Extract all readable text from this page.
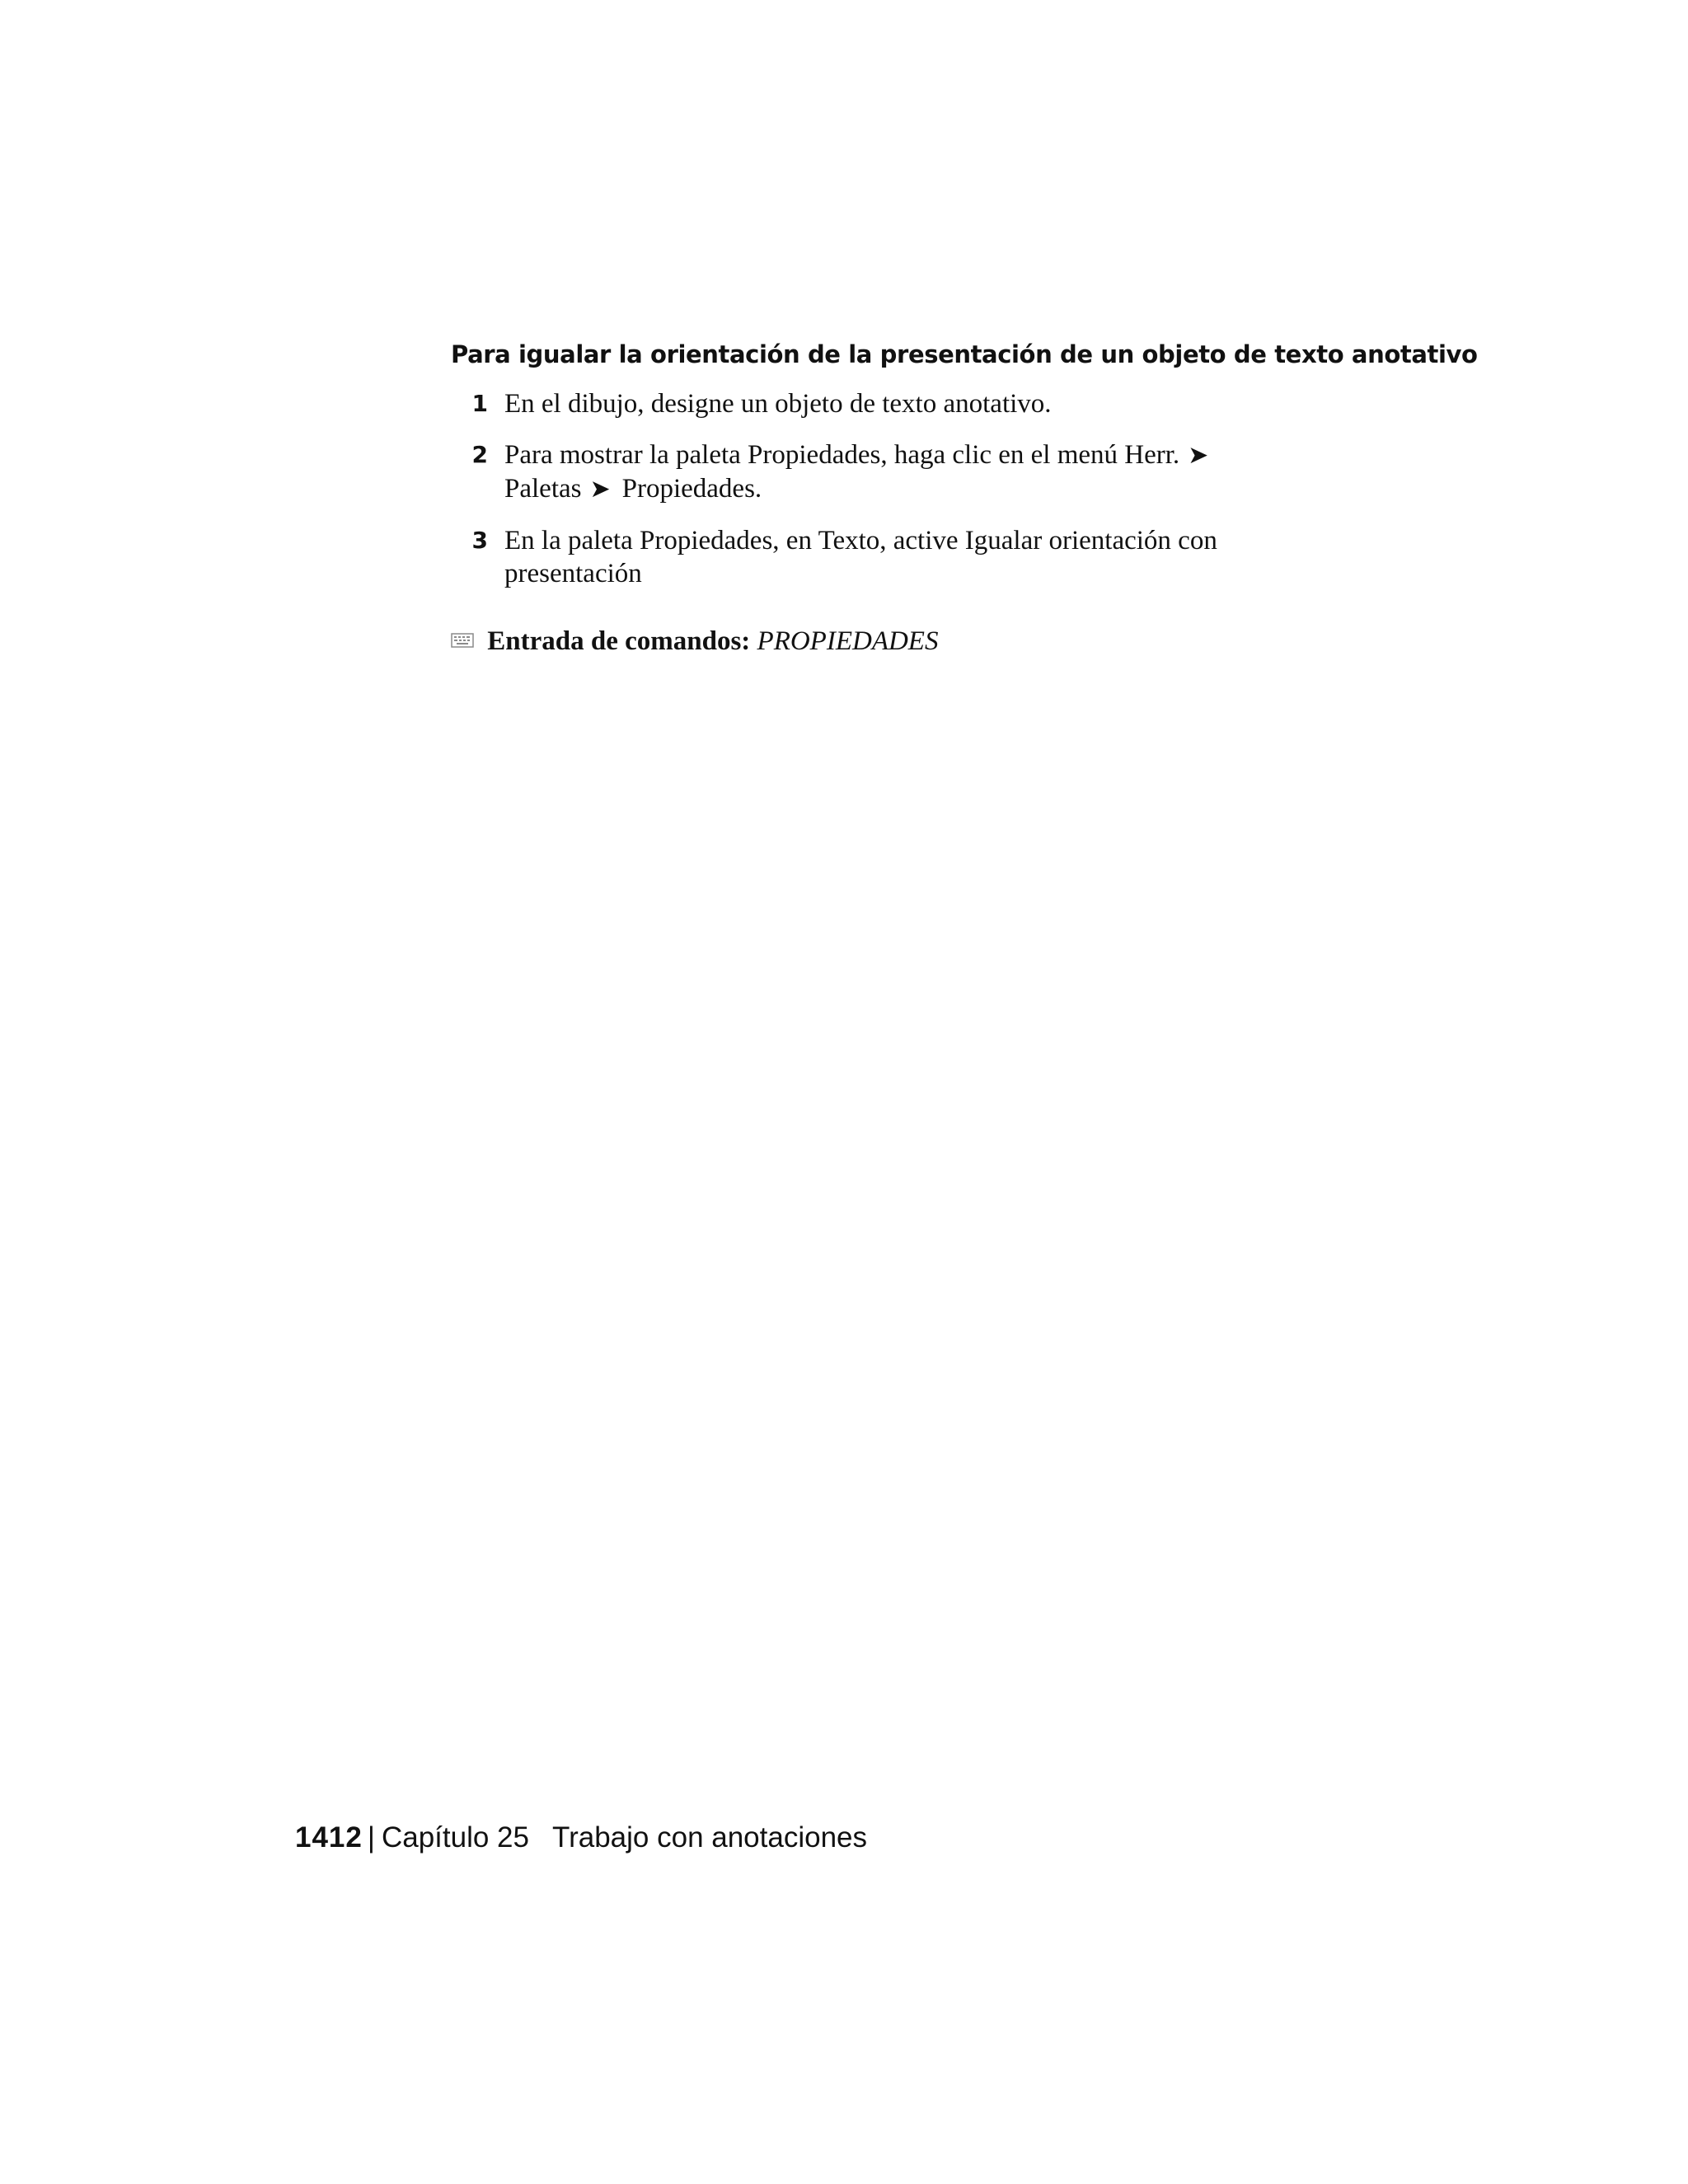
Para igualar la orientación de la presentación de un objeto de texto anotativo
1 En el dibujo, designe un objeto de texto anotativo.
2 Para mostrar la paleta Propiedades, haga clic en el menú Herr. ➤
Paletas ➤ Propiedades.
3 En la paleta Propiedades, en Texto, active Igualar orientación con presentación
Entrada de comandos: PROPIEDADES
1412 | Capítulo 25 Trabajo con anotaciones
